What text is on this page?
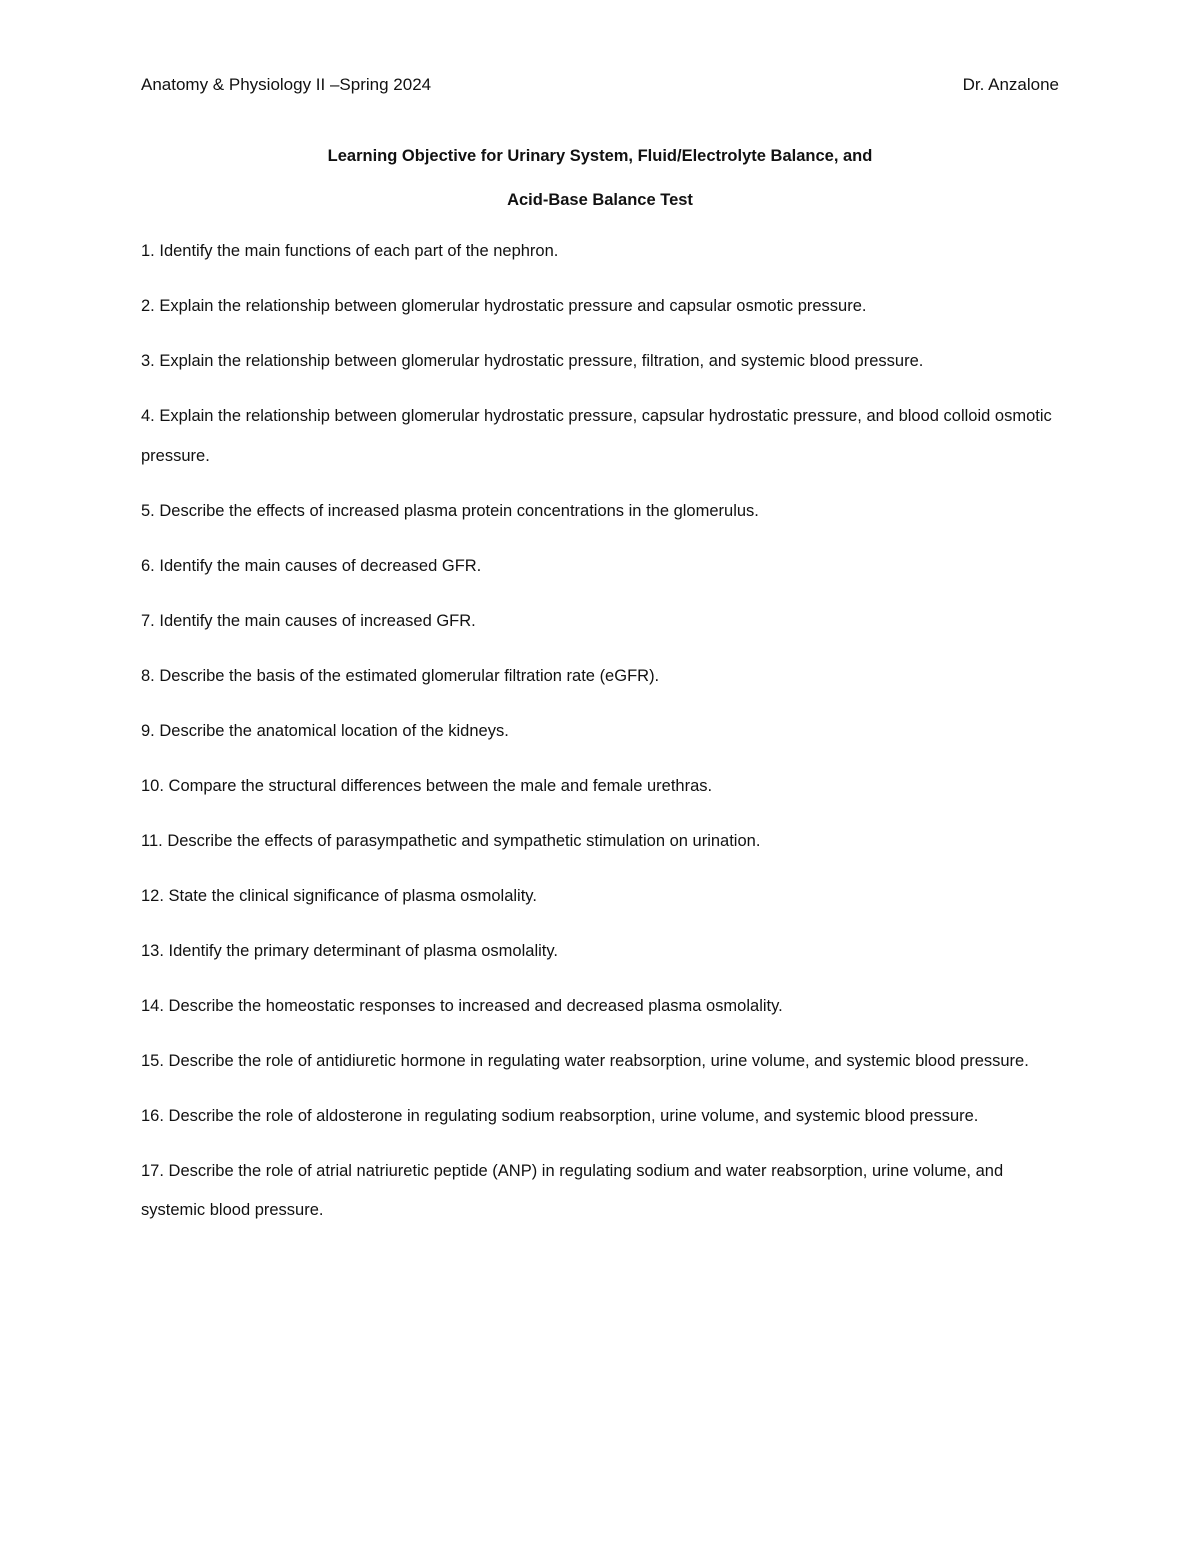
Anatomy & Physiology II –Spring 2024	Dr. Anzalone
Learning Objective for Urinary System, Fluid/Electrolyte Balance, and
Acid-Base Balance Test
1. Identify the main functions of each part of the nephron.
2. Explain the relationship between glomerular hydrostatic pressure and capsular osmotic pressure.
3. Explain the relationship between glomerular hydrostatic pressure, filtration, and systemic blood pressure.
4. Explain the relationship between glomerular hydrostatic pressure, capsular hydrostatic pressure, and blood colloid osmotic pressure.
5. Describe the effects of increased plasma protein concentrations in the glomerulus.
6. Identify the main causes of decreased GFR.
7. Identify the main causes of increased GFR.
8. Describe the basis of the estimated glomerular filtration rate (eGFR).
9. Describe the anatomical location of the kidneys.
10. Compare the structural differences between the male and female urethras.
11. Describe the effects of parasympathetic and sympathetic stimulation on urination.
12. State the clinical significance of plasma osmolality.
13. Identify the primary determinant of plasma osmolality.
14. Describe the homeostatic responses to increased and decreased plasma osmolality.
15. Describe the role of antidiuretic hormone in regulating water reabsorption, urine volume, and systemic blood pressure.
16. Describe the role of aldosterone in regulating sodium reabsorption, urine volume, and systemic blood pressure.
17. Describe the role of atrial natriuretic peptide (ANP) in regulating sodium and water reabsorption, urine volume, and systemic blood pressure.
